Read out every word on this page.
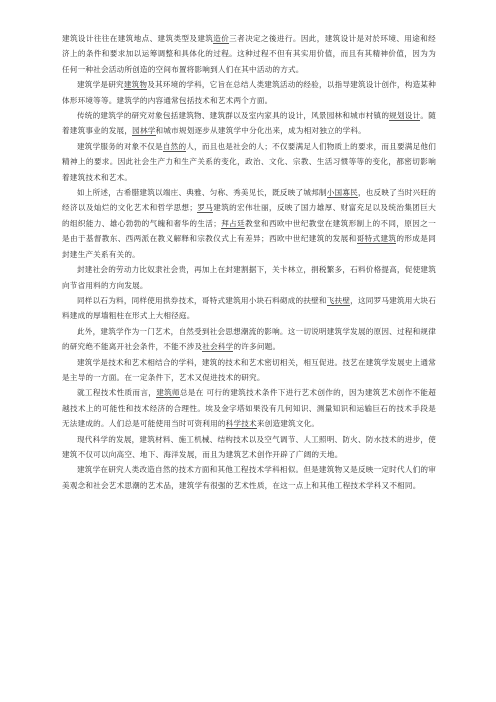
建筑设计往往在建筑地点、建筑类型及建筑造价三者决定之後进行。因此，建筑设计是对於环境、用途和经济上的条件和要求加以运筹调整和具体化的过程。这种过程不但有其实用价值，而且有其精神价值，因为为任何一种社会活动所创造的空间布置将影响到人们在其中活动的方式。

建筑学是研究建筑物及其环境的学科，它旨在总结人类建筑活动的经验，以指导建筑设计创作，构造某种体形环境等等。建筑学的内容通常包括技术和艺术两个方面。

传统的建筑学的研究对象包括建筑物、建筑群以及室内家具的设计，风景园林和城市村镇的规划设计。随着建筑事业的发展，园林学和城市规划逐步从建筑学中分化出来，成为相对独立的学科。

建筑学服务的对象不仅是自然的人，而且也是社会的人；不仅要满足人们物质上的要求，而且要满足他们精神上的要求。因此社会生产力和生产关系的变化，政治、文化、宗教、生活习惯等等的变化，都密切影响着建筑技术和艺术。

如上所述，古希腊建筑以端庄、典雅、匀称、秀美见长，既反映了城邦制小国寡民，也反映了当时兴旺的经济以及灿烂的文化艺术和哲学思想；罗马建筑的宏伟壮丽，反映了国力雄厚、财富充足以及统治集团巨大的组织能力、雄心勃勃的气魄和奢华的生活；拜占廷教堂和西欧中世纪教堂在建筑形制上的不同，原因之一是由于基督教东、西两派在教义解释和宗教仪式上有差异；西欧中世纪建筑的发展和哥特式建筑的形成是同封建生产关系有关的。

封建社会的劳动力比奴隶社会贵，再加上在封建割据下，关卡林立，捐税繁多，石料价格提高，促使建筑向节省用料的方向发展。

同样以石为料，同样使用拱券技术，哥特式建筑用小块石料砌成的扶壁和飞扶壁，这同罗马建筑用大块石料建成的厚墙粗柱在形式上大相径庭。

此外，建筑学作为一门艺术，自然受到社会思想潮流的影响。这一切说明建筑学发展的原因、过程和规律的研究绝不能离开社会条件，不能不涉及社会科学的许多问题。

建筑学是技术和艺术相结合的学科，建筑的技术和艺术密切相关，相互促进。技艺在建筑学发展史上通常是主导的一方面。在一定条件下，艺术又促进技术的研究。

就工程技术性质而言，建筑师总是在 可行的建筑技术条件下进行艺术创作的，因为建筑艺术创作不能超越技术上的可能性和技术经济的合理性。埃及金字塔如果没有几何知识、测量知识和运输巨石的技术手段是无法建成的。人们总是可能使用当时可资利用的科学技术来创造建筑文化。

现代科学的发展，建筑材料、施工机械、结构技术以及空气调节、人工照明、防火、防水技术的进步，使建筑不仅可以向高空、地下、海洋发展，而且为建筑艺术创作开辟了广阔的天地。

建筑学在研究人类改造自然的技术方面和其他工程技术学科相似。但是建筑物又是反映一定时代人们的审美观念和社会艺术思潮的艺术品，建筑学有很强的艺术性质，在这一点上和其他工程技术学科又不相同。
